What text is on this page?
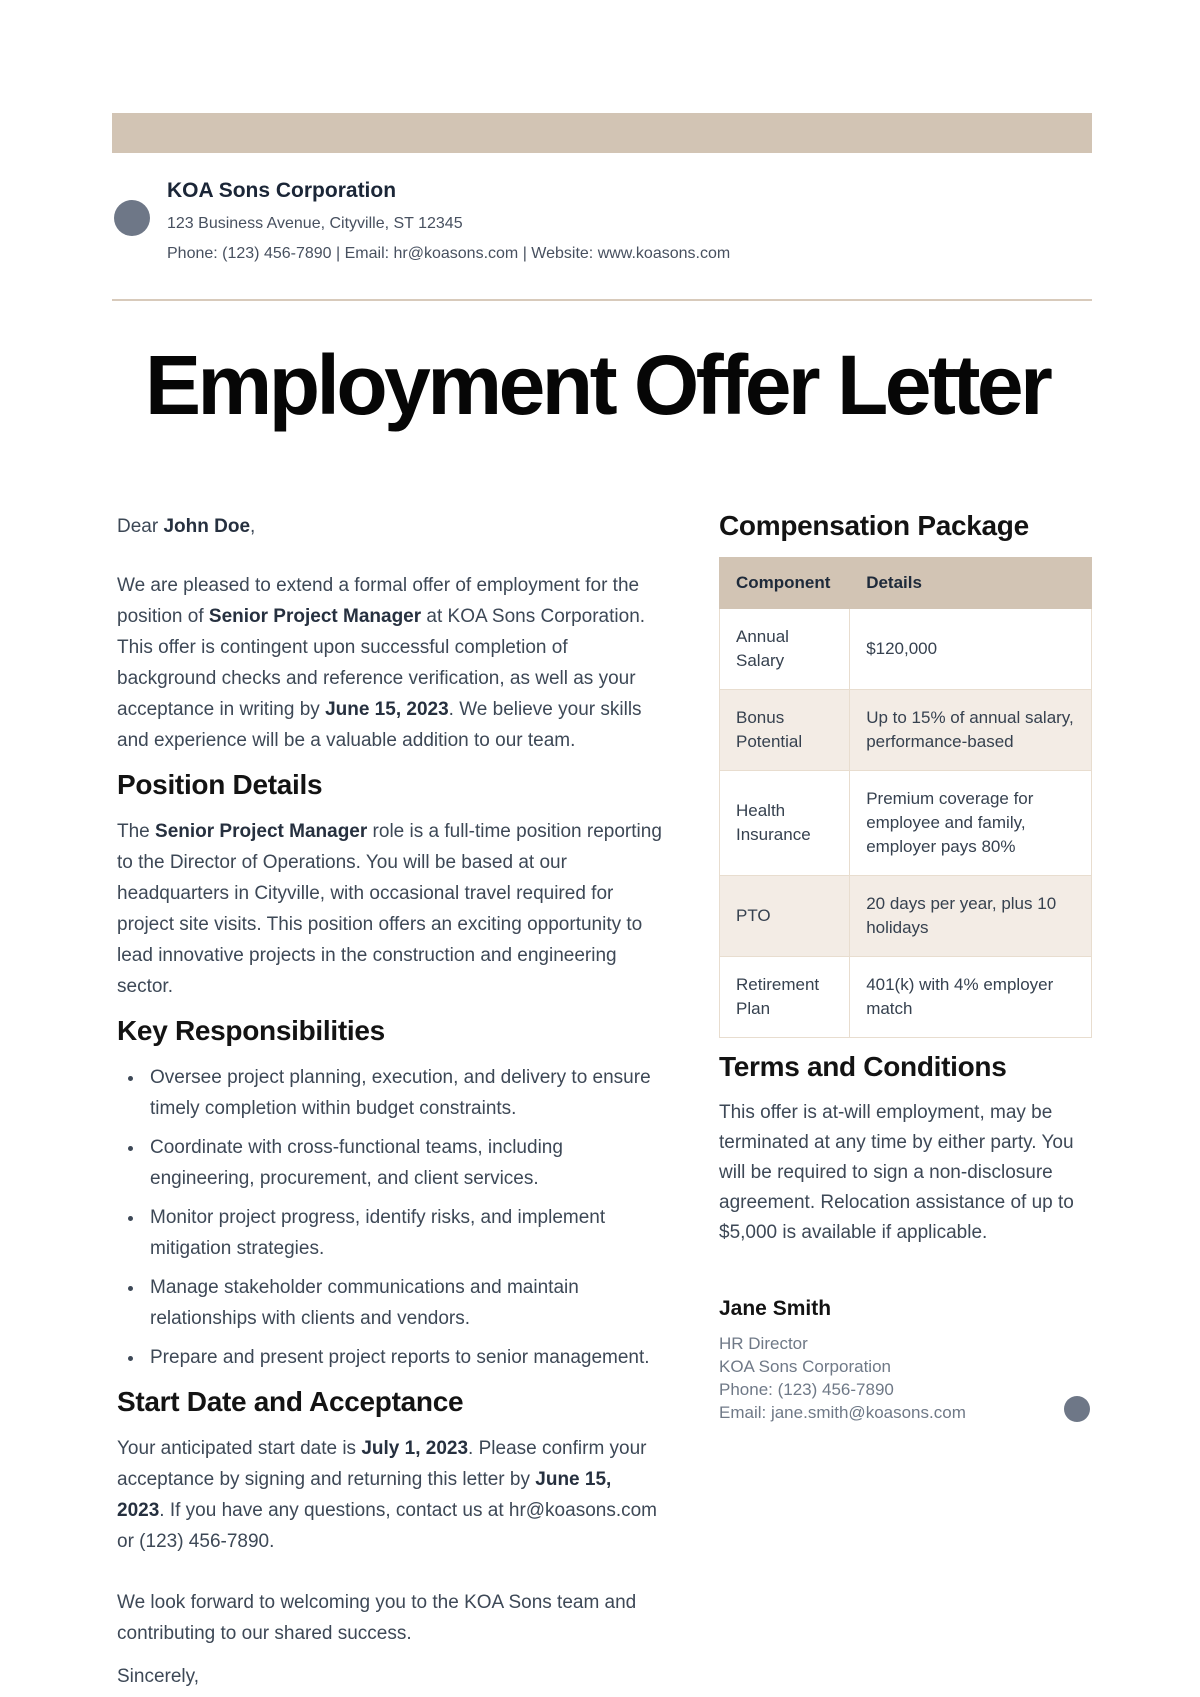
KOA Sons Corporation
123 Business Avenue, Cityville, ST 12345
Phone: (123) 456-7890 | Email: hr@koasons.com | Website: www.koasons.com
Employment Offer Letter

Dear John Doe,

We are pleased to extend a formal offer of employment for the position of Senior Project Manager at KOA Sons Corporation. This offer is contingent upon successful completion of background checks and reference verification, as well as your acceptance in writing by June 15, 2023. We believe your skills and experience will be a valuable addition to our team.

Position Details

The Senior Project Manager role is a full-time position reporting to the Director of Operations. You will be based at our headquarters in Cityville, with occasional travel required for project site visits. This position offers an exciting opportunity to lead innovative projects in the construction and engineering sector.

Key Responsibilities
• Oversee project planning, execution, and delivery to ensure timely completion within budget constraints.
• Coordinate with cross-functional teams, including engineering, procurement, and client services.
• Monitor project progress, identify risks, and implement mitigation strategies.
• Manage stakeholder communications and maintain relationships with clients and vendors.
• Prepare and present project reports to senior management.
Start Date and Acceptance

Your anticipated start date is July 1, 2023. Please confirm your acceptance by signing and returning this letter by June 15, 2023. If you have any questions, contact us at hr@koasons.com or (123) 456-7890.

We look forward to welcoming you to the KOA Sons team and contributing to our shared success.

Sincerely,

Compensation Package
Component	Details
Annual Salary	$120,000
Bonus Potential	Up to 15% of annual salary, performance-based
Health Insurance	Premium coverage for employee and family, employer pays 80%
PTO	20 days per year, plus 10 holidays
Retirement Plan	401(k) with 4% employer match
Terms and Conditions

This offer is at-will employment, may be terminated at any time by either party. You will be required to sign a non-disclosure agreement. Relocation assistance of up to $5,000 is available if applicable.

Jane Smith
HR Director
KOA Sons Corporation
Phone: (123) 456-7890
Email: jane.smith@koasons.com
